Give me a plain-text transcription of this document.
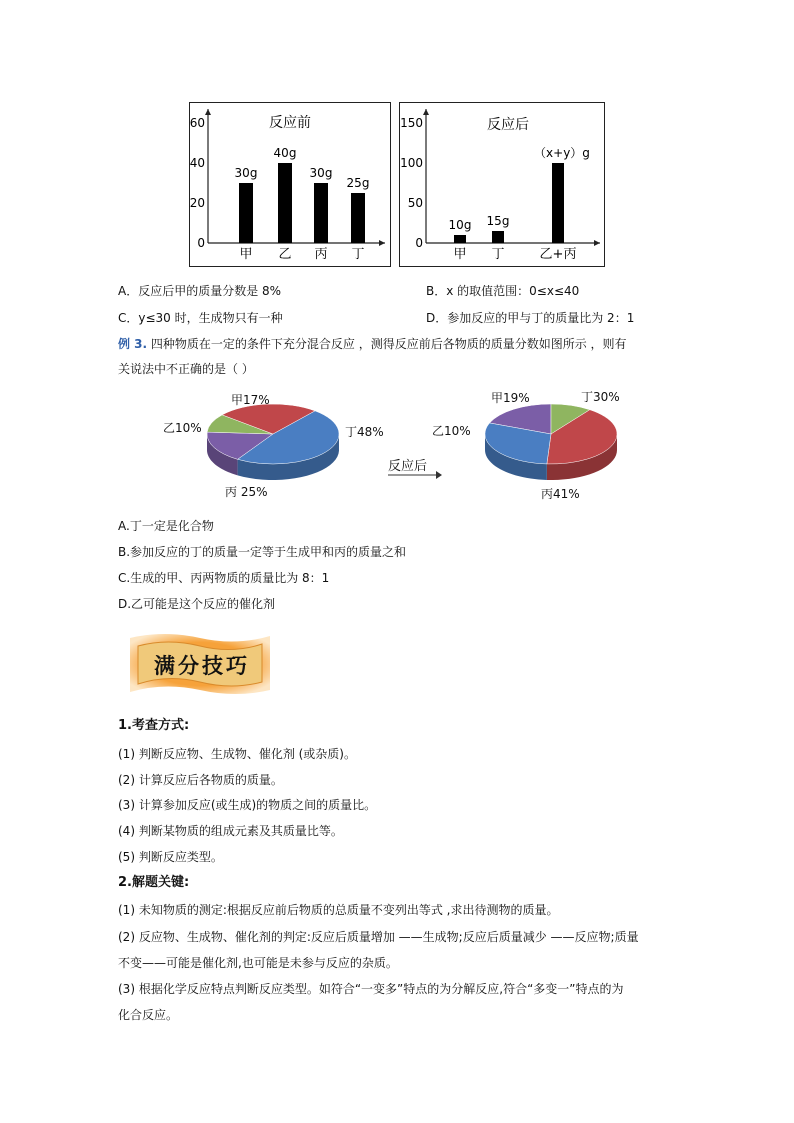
反应前
60
40
20
0
30g
甲
40g
乙
30g
丙
25g
丁
反应后
150
100
50
0
10g
甲
15g
丁
（x+y）g
乙+丙
A．反应后甲的质量分数是 8%	B．x 的取值范围：0≤x≤40
C．y≤30 时，生成物只有一种	D．参加反应的甲与丁的质量比为 2：1
例 3. 四种物质在一定的条件下充分混合反应 ，测得反应前后各物质的质量分数如图所示 ，则有
关说法中不正确的是（ ）
甲17%
乙10%	丁48%
丙 25%
反应后
甲19%	丁30%
乙10%
丙41%
A.丁一定是化合物
B.参加反应的丁的质量一定等于生成甲和丙的质量之和
C.生成的甲、丙两物质的质量比为 8：1
D.乙可能是这个反应的催化剂
满分技巧
1.考查方式:
(1) 判断反应物、生成物、催化剂 (或杂质)。
(2) 计算反应后各物质的质量。
(3) 计算参加反应(或生成)的物质之间的质量比。
(4) 判断某物质的组成元素及其质量比等。
(5) 判断反应类型。
2.解题关键:
(1) 未知物质的测定:根据反应前后物质的总质量不变列出等式 ,求出待测物的质量。
(2) 反应物、生成物、催化剂的判定:反应后质量增加 ——生成物;反应后质量减少 ——反应物;质量
不变——可能是催化剂,也可能是未参与反应的杂质。
(3) 根据化学反应特点判断反应类型。如符合“一变多”特点的为分解反应,符合“多变一”特点的为
化合反应。
